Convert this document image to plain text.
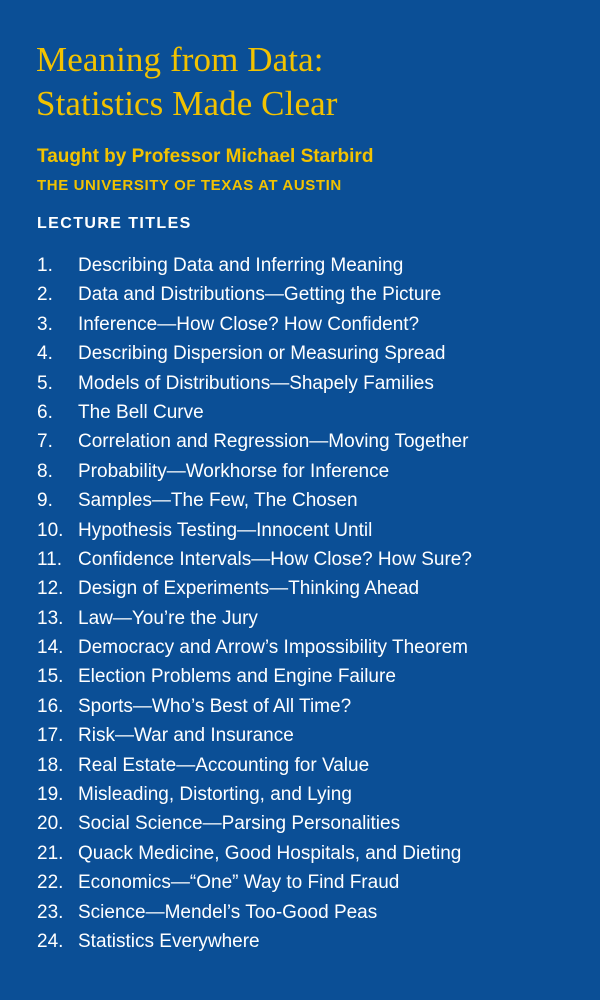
Meaning from Data:
Statistics Made Clear

Taught by Professor Michael Starbird

THE UNIVERSITY OF TEXAS AT AUSTIN

LECTURE TITLES
1.	Describing Data and Inferring Meaning
2.	Data and Distributions—Getting the Picture
3.	Inference—How Close? How Confident?
4.	Describing Dispersion or Measuring Spread
5.	Models of Distributions—Shapely Families
6.	The Bell Curve
7.	Correlation and Regression—Moving Together
8.	Probability—Workhorse for Inference
9.	Samples—The Few, The Chosen
10. Hypothesis Testing—Innocent Until
11. Confidence Intervals—How Close? How Sure?
12. Design of Experiments—Thinking Ahead
13. Law—You’re the Jury
14. Democracy and Arrow’s Impossibility Theorem
15. Election Problems and Engine Failure
16. Sports—Who’s Best of All Time?
17. Risk—War and Insurance
18. Real Estate—Accounting for Value
19. Misleading, Distorting, and Lying
20. Social Science—Parsing Personalities
21. Quack Medicine, Good Hospitals, and Dieting
22. Economics—“One” Way to Find Fraud
23. Science—Mendel’s Too-Good Peas
24. Statistics Everywhere
